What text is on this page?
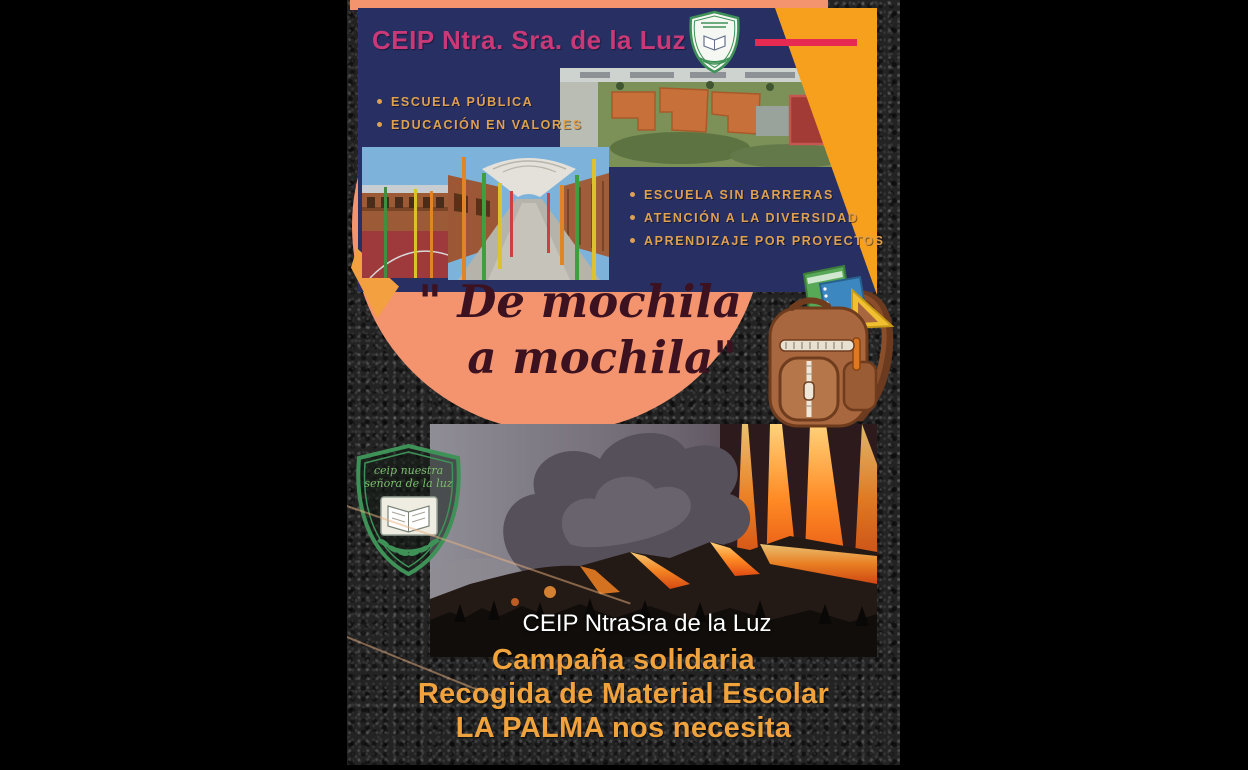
CEIP Ntra. Sra. de la Luz
ESCUELA PÚBLICA
EDUCACIÓN EN VALORES
ESCUELA SIN BARRERAS
ATENCIÓN A LA DIVERSIDAD
APRENDIZAJE POR PROYECTOS
" De mochila
a mochila"
ceip nuestra
señora de la luz
CEIP NtraSra de la Luz
Campaña solidaria
Recogida de Material Escolar
LA PALMA nos necesita
